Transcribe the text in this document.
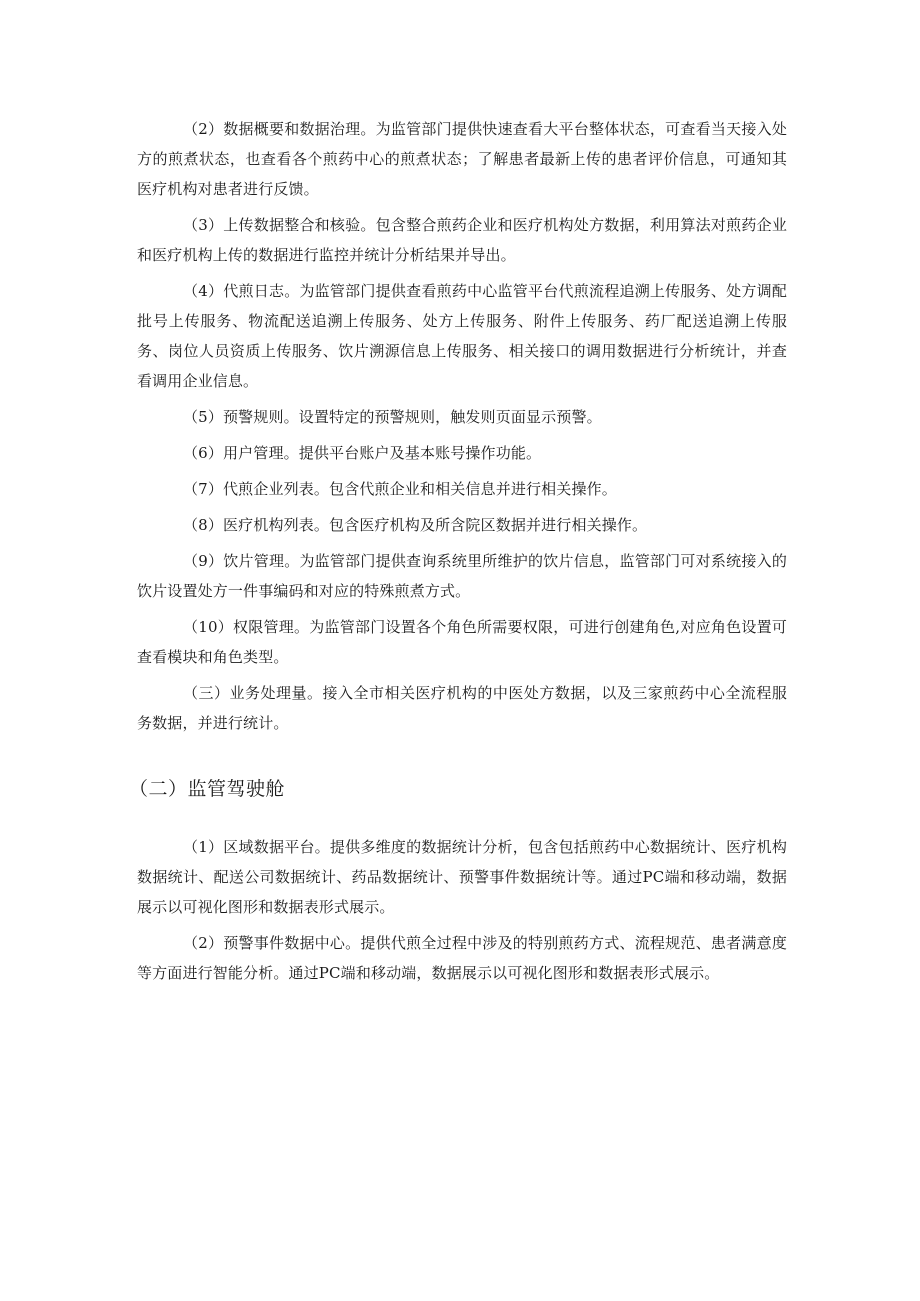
（2）数据概要和数据治理。为监管部门提供快速查看大平台整体状态，可查看当天接入处方的煎煮状态，也查看各个煎药中心的煎煮状态；了解患者最新上传的患者评价信息，可通知其医疗机构对患者进行反馈。

（3）上传数据整合和核验。包含整合煎药企业和医疗机构处方数据，利用算法对煎药企业和医疗机构上传的数据进行监控并统计分析结果并导出。

（4）代煎日志。为监管部门提供查看煎药中心监管平台代煎流程追溯上传服务、处方调配批号上传服务、物流配送追溯上传服务、处方上传服务、附件上传服务、药厂配送追溯上传服务、岗位人员资质上传服务、饮片溯源信息上传服务、相关接口的调用数据进行分析统计，并查看调用企业信息。

（5）预警规则。设置特定的预警规则，触发则页面显示预警。

（6）用户管理。提供平台账户及基本账号操作功能。

（7）代煎企业列表。包含代煎企业和相关信息并进行相关操作。

（8）医疗机构列表。包含医疗机构及所含院区数据并进行相关操作。

（9）饮片管理。为监管部门提供查询系统里所维护的饮片信息，监管部门可对系统接入的饮片设置处方一件事编码和对应的特殊煎煮方式。

（10）权限管理。为监管部门设置各个角色所需要权限，可进行创建角色,对应角色设置可查看模块和角色类型。

（三）业务处理量。接入全市相关医疗机构的中医处方数据，以及三家煎药中心全流程服务数据，并进行统计。

（二）监管驾驶舱

（1）区域数据平台。提供多维度的数据统计分析，包含包括煎药中心数据统计、医疗机构数据统计、配送公司数据统计、药品数据统计、预警事件数据统计等。通过PC端和移动端，数据展示以可视化图形和数据表形式展示。

（2）预警事件数据中心。提供代煎全过程中涉及的特别煎药方式、流程规范、患者满意度等方面进行智能分析。通过PC端和移动端，数据展示以可视化图形和数据表形式展示。
